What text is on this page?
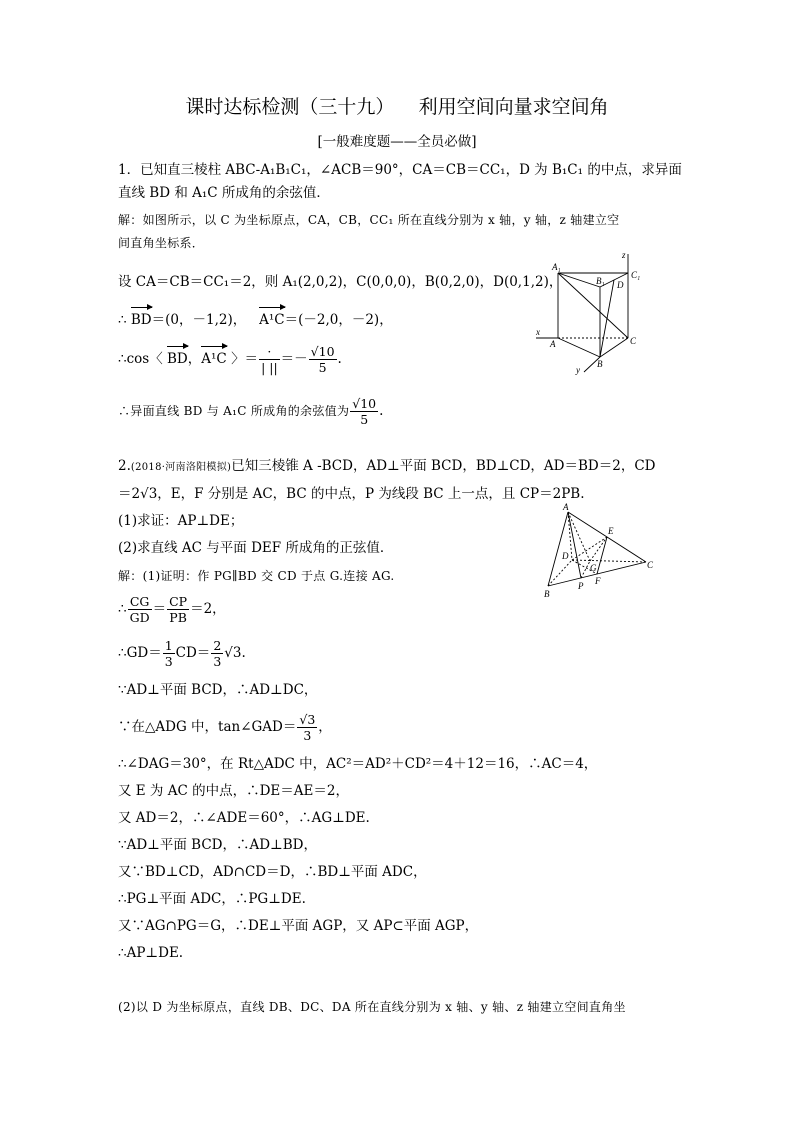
课时达标检测（三十九）    利用空间向量求空间角
[一般难度题——全员必做]
1．已知直三棱柱 ABC-A₁B₁C₁，∠ACB＝90°，CA＝CB＝CC₁，D 为 B₁C₁ 的中点，求异面
直线 BD 和 A₁C 所成角的余弦值．
解：如图所示，以 C 为坐标原点，CA，CB，CC₁ 所在直线分别为 x 轴，y 轴，z 轴建立空
间直角坐标系．
设 CA＝CB＝CC₁＝2，则 A₁(2,0,2)，C(0,0,0)，B(0,2,0)，D(0,1,2)，
∴ BD＝(0，－1,2)， A¹C＝(－2,0，－2)，
∴cos〈 BD，A¹C 〉＝ $\frac{\cdot}{| ||} =- \frac{√10}{5}$ .
∴异面直线 BD 与 A₁C 所成角的余弦值为 $\frac{√10}{5}$ .
A₁
C₁
B₁ D
z
x
A	C
B
y
2.(2018·河南洛阳模拟)已知三棱锥 A -BCD，AD⊥平面 BCD，BD⊥CD，AD＝BD＝2，CD
＝2√3，E，F 分别是 AC，BC 的中点，P 为线段 BC 上一点，且 CP＝2PB.
(1)求证：AP⊥DE；
(2)求直线 AC 与平面 DEF 所成角的正弦值．
解：(1)证明：作 PG∥BD 交 CD 于点 G.连接 AG.
∴ $\frac{CG}{GD} = \frac{CP}{PB} =2$，
∴GD＝ $\frac{1}{3} CD= \frac{2}{3} √3$.
∵AD⊥平面 BCD，∴AD⊥DC，
∵在△ADG 中，tan∠GAD＝ $\frac{√3}{3}$ ，
∴∠DAG＝30°，在 Rt△ADC 中，AC²＝AD²＋CD²＝4＋12＝16，∴AC＝4，
又 E 为 AC 的中点，∴DE＝AE＝2，
又 AD＝2，∴∠ADE＝60°，∴AG⊥DE.
∵AD⊥平面 BCD，∴AD⊥BD，
又∵BD⊥CD，AD∩CD＝D，∴BD⊥平面 ADC，
∴PG⊥平面 ADC，∴PG⊥DE.
又∵AG∩PG＝G，∴DE⊥平面 AGP，又 AP⊂平面 AGP，
∴AP⊥DE.
(2)以 D 为坐标原点，直线 DB、DC、DA 所在直线分别为 x 轴、y 轴、z 轴建立空间直角坐
A
E
D
G	C
B
P F
